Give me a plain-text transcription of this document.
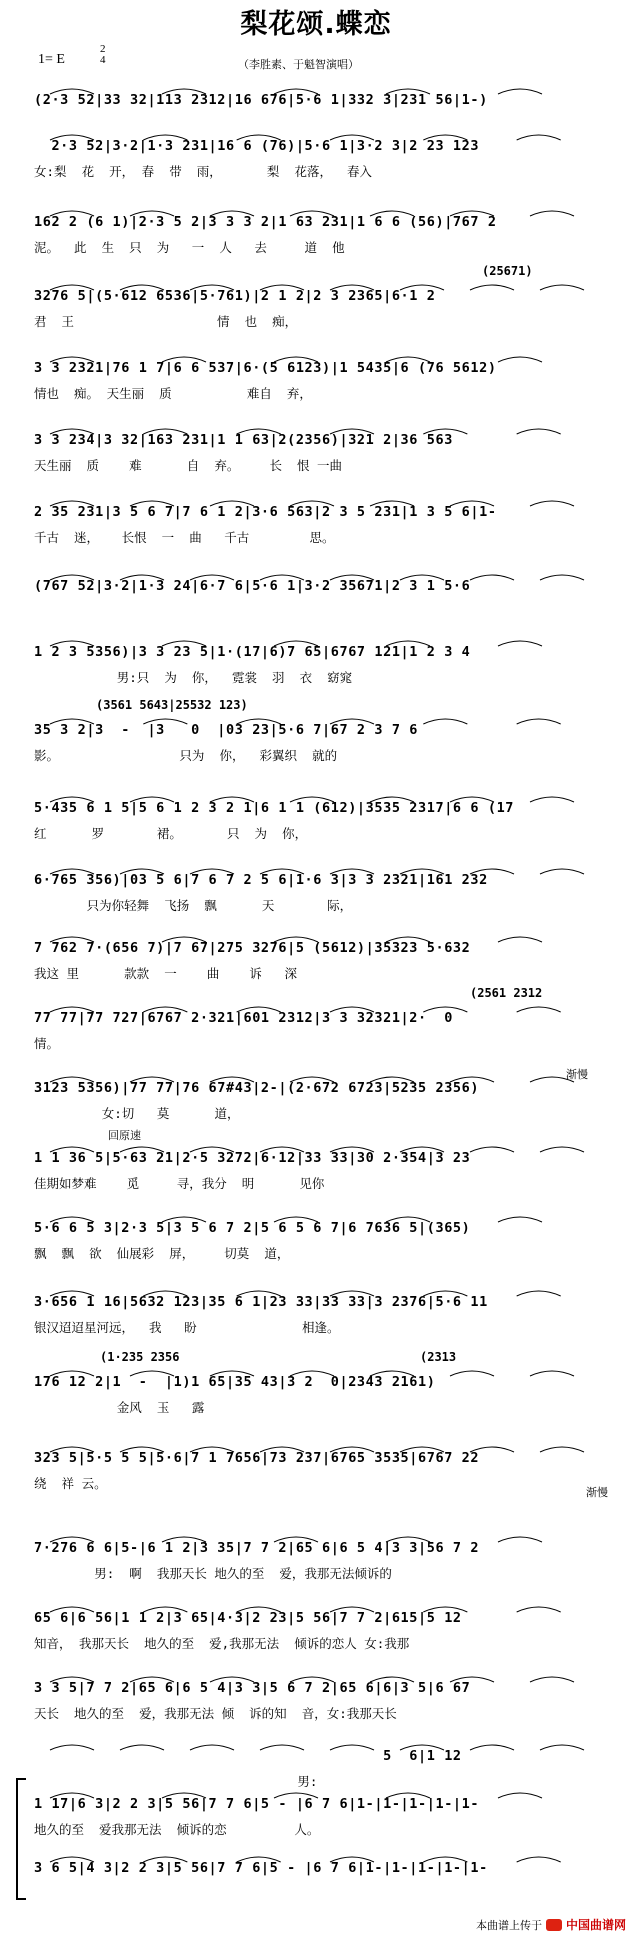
梨花颂.蝶恋
1= E
2
4	（李胜素、于魁智演唱）
(2·3 52|33 32|113 2312|16 676|5·6 1|332 3|231 56|1-)
2·3 52|3·2|1·3 231|16 6 (76)|5·6 1|3·2 3|2 23 123
女:梨  花  开， 春  带  雨，      梨  花落，  春入
162 2 (6 1)|2·3 5 2|3 3 3 2|1 63 231|1 6 6 (56)|767 2
泥。  此  生  只  为   一  人   去     道  他
3276 5|(5·612 6536|5·761)|2 1 2|2 3 2365|6·1 2
君  王                   情  也  痴，
3 3 2321|76 1 7|6 6 537|6·(5 6123)|1 5435|6 (76 5612)
情也  痴。 天生丽  质          难自  弃，
3 3 234|3 32|163 231|1 1 63|2(2356)|321 2|36 563
天生丽  质    难      自  弃。    长  恨 一曲
2 35 231|3 5 6 7|7 6 1 2|3·6 563|2 3 5 231|1 3 5 6|1-
千古  迷，   长恨  一  曲   千古        思。
(767 52|3·2|1·3 24|6·7 6|5·6 1|3·2 35671|2 3 1 5·6
1 2 3 5356)|3 3 23 5|1·(17|6)7 65|6767 121|1 2 3 4
男:只  为  你，  霓裳  羽  衣  窈窕
35 3 2|3  -  |3   0  |03 23|5·6 7|67 2 3 7 6
影。                只为  你，  彩翼织  就的
5·435 6 1 5|5 6 1 2 3 2 1|6 1 1 (612)|3535 2317|6 6 (17
红      罗       裙。      只  为  你，
6·765 356)|03 5 6|7 6 7 2 5 6|1·6 3|3 3 2321|161 232
只为你轻舞  飞扬  飘      天       际，
7 762 7·(656 7)|7 67|275 3276|5 (5612)|35323 5·632
我这 里      款款  一    曲    诉   深
77 77|77 727|6767 2·321|601 2312|3 3 32321|2·  0
情。
3123 5356)|77 77|76 67#43|2-|(2·672 6723|5235 2356)
女:切   莫      道，
1 1 36 5|5·63 21|2·5 3272|6·12|33 33|30 2·354|3 23
佳期如梦难    觅     寻，我分  明      见你
5·6 6 5 3|2·3 5|3 5 6 7 2|5 6 5 6 7|6 7636 5|(365)
飘  飘  欲  仙展彩  屏，    切莫  道，
3·656 1 16|5632 123|35 6 1|23 33|33 33|3 2376|5·6 11
银汉迢迢星河远，  我   盼              相逢。
176 12 2|1  -  |1)1 65|35 43|3 2  0|2343 2161)
金风  玉   露
323 5|5·5 5 5|5·6|7 1 7656|73 237|6765 3535|6767 22
绕  祥 云。
7·276 6 6|5-|6 1 2|3 35|7 7 2|65 6|6 5 4|3 3|56 7 2
男:  啊  我那天长 地久的至  爱，我那无法倾诉的
65 6|6 56|1 1 2|3 65|4·3|2 23|5 56|7 7 2|615|5 12
知音， 我那天长  地久的至  爱,我那无法  倾诉的恋人 女:我那
3 3 5|7 7 2|65 6|6 5 4|3 3|5 6 7 2|65 6|6|3 5|6 67
天长  地久的至  爱，我那无法 倾  诉的知  音，女:我那天长
5  6|1 12
男:
1 17|6 3|2 2 3|5 56|7 7 6|5 - |6 7 6|1-|1-|1-|1-|1-
地久的至  爱我那无法  倾诉的恋         人。
3 6 5|4 3|2 2 3|5 56|7 7 6|5 - |6 7 6|1-|1-|1-|1-|1-
渐慢
回原速
渐慢
本曲谱上传于 中国曲谱网
(25671)
(3561 5643|25532 123)
(2561 2312
(1·235 2356	(2313
